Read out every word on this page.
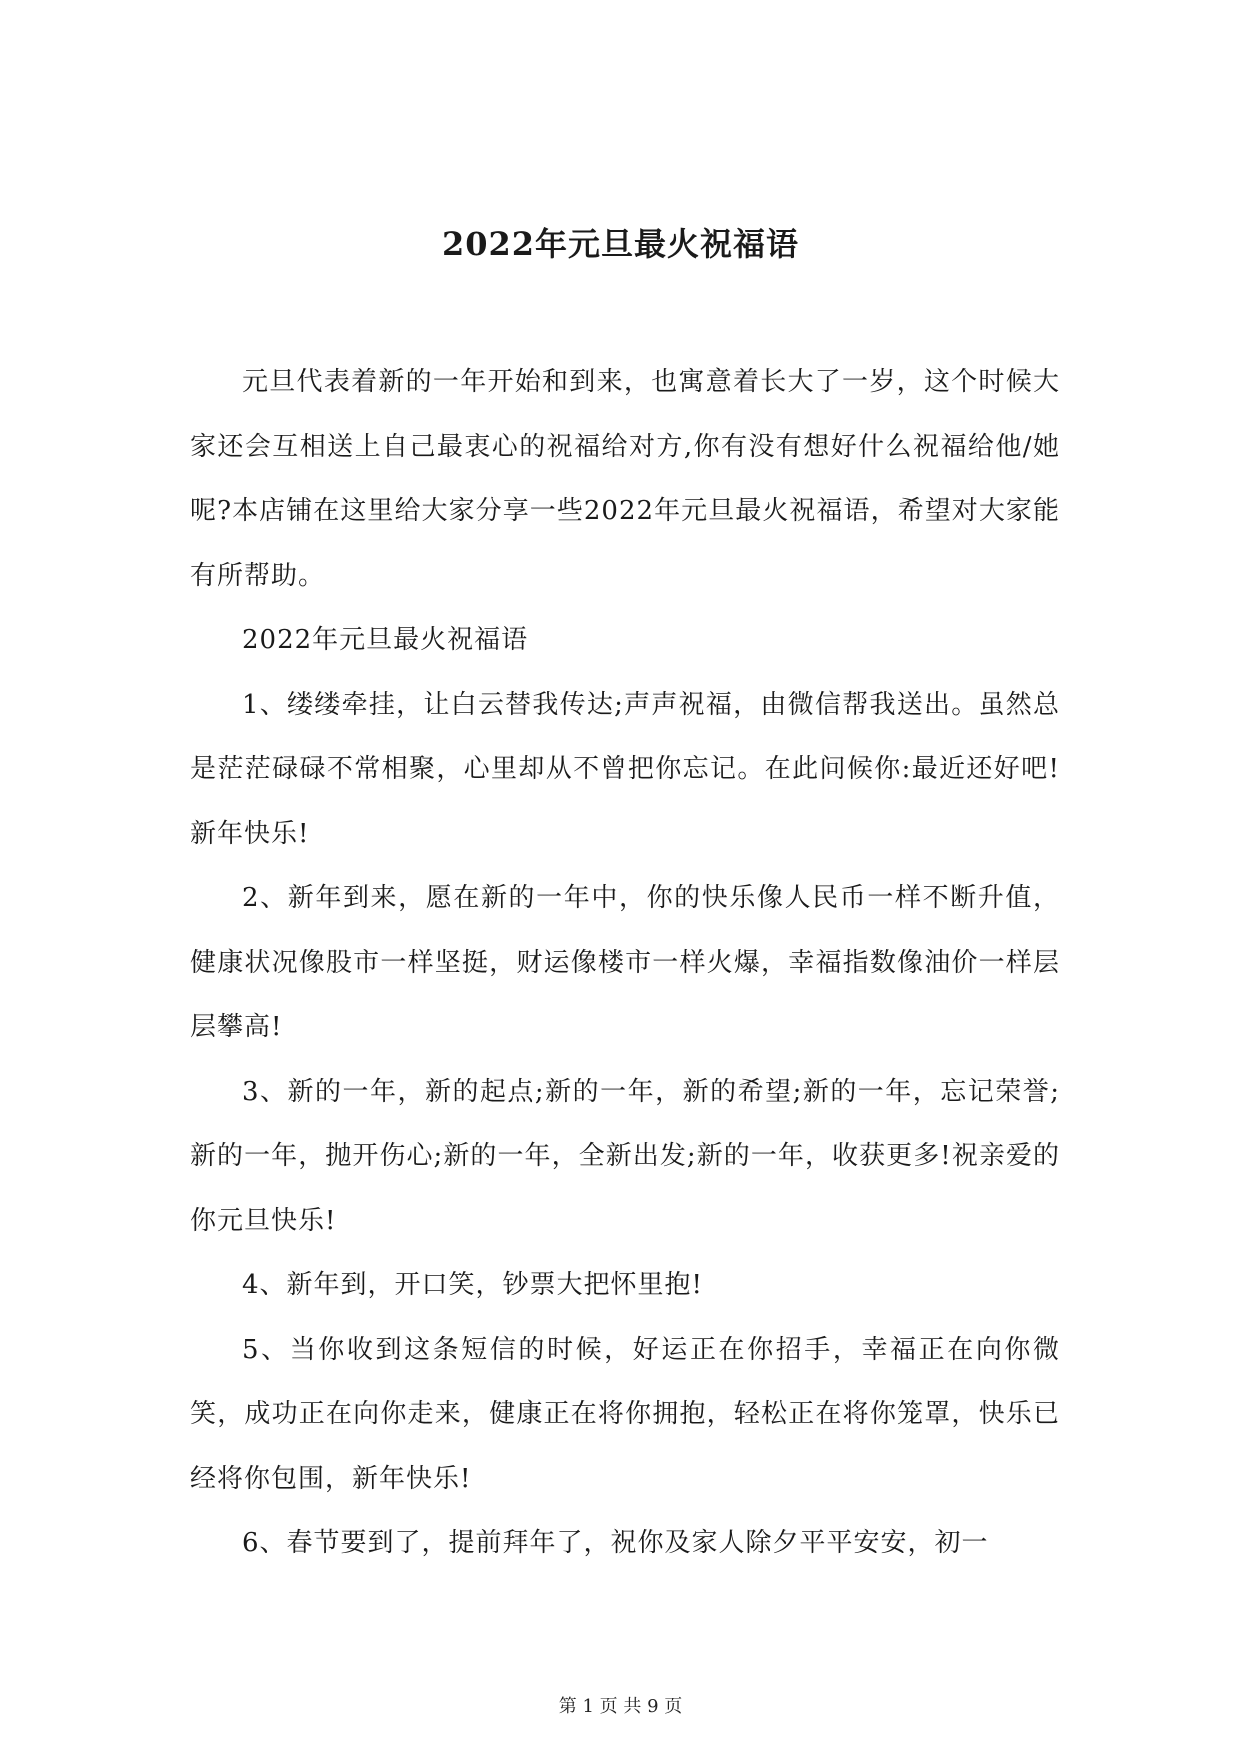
2022年元旦最火祝福语

元旦代表着新的一年开始和到来，也寓意着长大了一岁，这个时候大家还会互相送上自己最衷心的祝福给对方,你有没有想好什么祝福给他/她呢?本店铺在这里给大家分享一些2022年元旦最火祝福语，希望对大家能有所帮助。

2022年元旦最火祝福语

1、缕缕牵挂，让白云替我传达;声声祝福，由微信帮我送出。虽然总是茫茫碌碌不常相聚，心里却从不曾把你忘记。在此问候你:最近还好吧!新年快乐!

2、新年到来，愿在新的一年中，你的快乐像人民币一样不断升值，健康状况像股市一样坚挺，财运像楼市一样火爆，幸福指数像油价一样层层攀高!

3、新的一年，新的起点;新的一年，新的希望;新的一年，忘记荣誉;新的一年，抛开伤心;新的一年，全新出发;新的一年，收获更多!祝亲爱的你元旦快乐!

4、新年到，开口笑，钞票大把怀里抱!

5、当你收到这条短信的时候，好运正在你招手，幸福正在向你微笑，成功正在向你走来，健康正在将你拥抱，轻松正在将你笼罩，快乐已经将你包围，新年快乐!

6、春节要到了，提前拜年了，祝你及家人除夕平平安安，初一

第 1 页 共 9 页
